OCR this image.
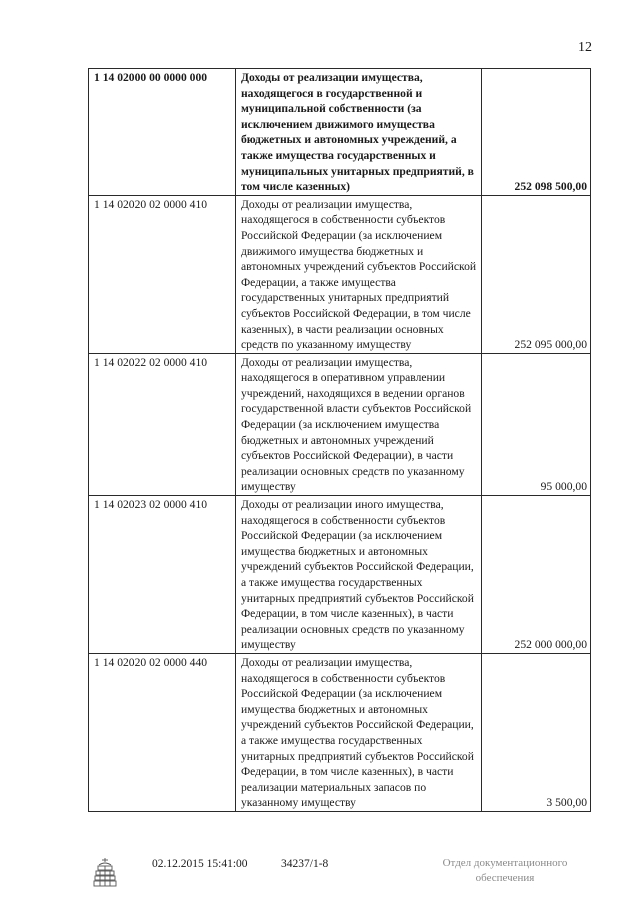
12
1 14 02000 00 0000 000	Доходы от реализации имущества, находящегося в государственной и муниципальной собственности (за исключением движимого имущества бюджетных и автономных учреждений, а также имущества государственных и муниципальных унитарных предприятий, в том числе казенных)	252 098 500,00
1 14 02020 02 0000 410	Доходы от реализации имущества, находящегося в собственности субъектов Российской Федерации (за исключением движимого имущества бюджетных и автономных учреждений субъектов Российской Федерации, а также имущества государственных унитарных предприятий субъектов Российской Федерации, в том числе казенных), в части реализации основных средств по указанному имуществу	252 095 000,00
1 14 02022 02 0000 410	Доходы от реализации имущества, находящегося в оперативном управлении учреждений, находящихся в ведении органов государственной власти субъектов Российской Федерации (за исключением имущества бюджетных и автономных учреждений субъектов Российской Федерации), в части реализации основных средств по указанному имуществу	95 000,00
1 14 02023 02 0000 410	Доходы от реализации иного имущества, находящегося в собственности субъектов Российской Федерации (за исключением имущества бюджетных и автономных учреждений субъектов Российской Федерации, а также имущества государственных унитарных предприятий субъектов Российской Федерации, в том числе казенных), в части реализации основных средств по указанному имуществу	252 000 000,00
1 14 02020 02 0000 440	Доходы от реализации имущества, находящегося в собственности субъектов Российской Федерации (за исключением имущества бюджетных и автономных учреждений субъектов Российской Федерации, а также имущества государственных унитарных предприятий субъектов Российской Федерации, в том числе казенных), в части реализации материальных запасов по указанному имуществу	3 500,00
02.12.2015 15:41:00	34237/1-8	Отдел документационного
обеспечения
